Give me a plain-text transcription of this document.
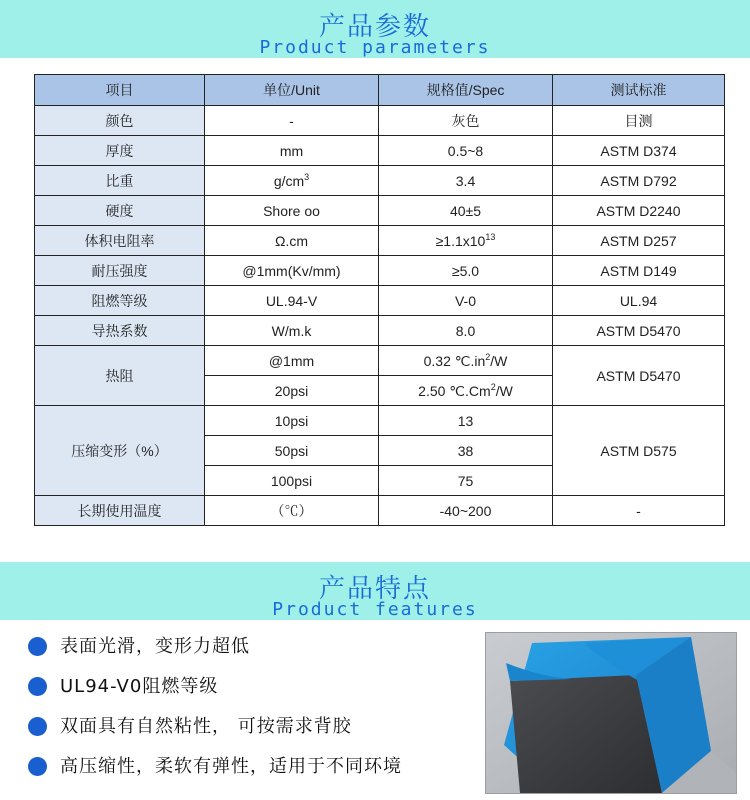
产品参数
Product parameters
项目	单位/Unit	规格值/Spec	测试标准
颜色	-	灰色	目测
厚度	mm	0.5~8	ASTM D374
比重	$g/cm^3$	3.4	ASTM D792
硬度	Shore oo	40±5	ASTM D2240
体积电阻率	Ω.cm	$\ge 1.1x10^{13}$	ASTM D257
耐压强度	@1mm(Kv/mm)	≥5.0	ASTM D149
阻燃等级	UL.94-V	V-0	UL.94
导热系数	W/m.k	8.0	ASTM D5470
热阻	@1mm	0.32 $℃.in^2/W$	ASTM D5470
	20psi	2.50 ℃.Cm$^2$/W	
压缩变形（%）	10psi	13	ASTM D575
	50psi	38	
	100psi	75	
长期使用温度	（℃）	-40~200	-
产品特点
Product features
表面光滑，变形力超低
UL94-V0阻燃等级
双面具有自然粘性， 可按需求背胶
高压缩性，柔软有弹性，适用于不同环境
